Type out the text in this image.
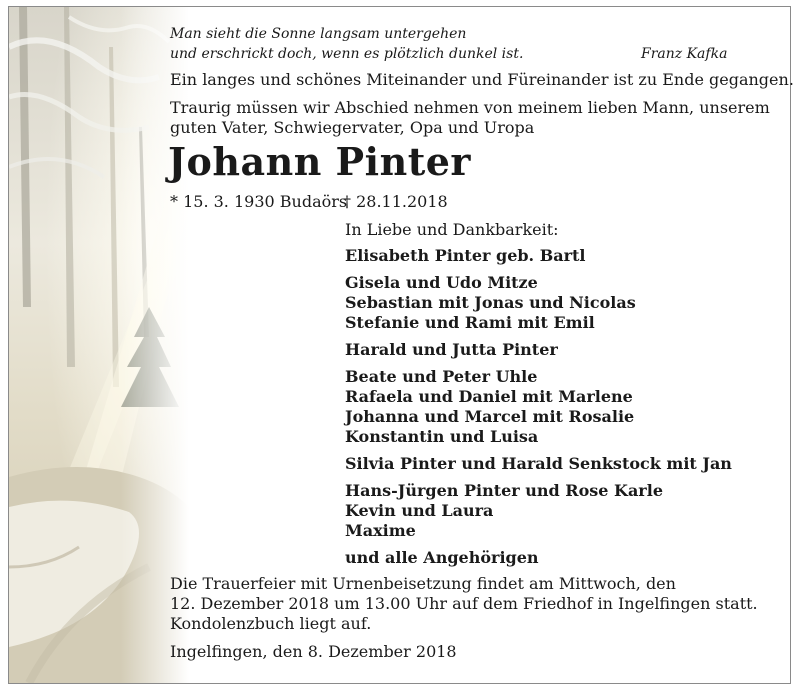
Man sieht die Sonne langsam untergehen
und erschrickt doch, wenn es plötzlich dunkel ist.	Franz Kafka
Ein langes und schönes Miteinander und Füreinander ist zu Ende gegangen.
Traurig müssen wir Abschied nehmen von meinem lieben Mann, unserem
guten Vater, Schwiegervater, Opa und Uropa
Johann Pinter
* 15. 3. 1930 Budaörs
† 28.11.2018
In Liebe und Dankbarkeit:
Elisabeth Pinter geb. Bartl
Gisela und Udo Mitze
Sebastian mit Jonas und Nicolas
Stefanie und Rami mit Emil
Harald und Jutta Pinter
Beate und Peter Uhle
Rafaela und Daniel mit Marlene
Johanna und Marcel mit Rosalie
Konstantin und Luisa
Silvia Pinter und Harald Senkstock mit Jan
Hans-Jürgen Pinter und Rose Karle
Kevin und Laura
Maxime
und alle Angehörigen
Die Trauerfeier mit Urnenbeisetzung findet am Mittwoch, den
12. Dezember 2018 um 13.00 Uhr auf dem Friedhof in Ingelfingen statt.
Kondolenzbuch liegt auf.
Ingelfingen, den 8. Dezember 2018
